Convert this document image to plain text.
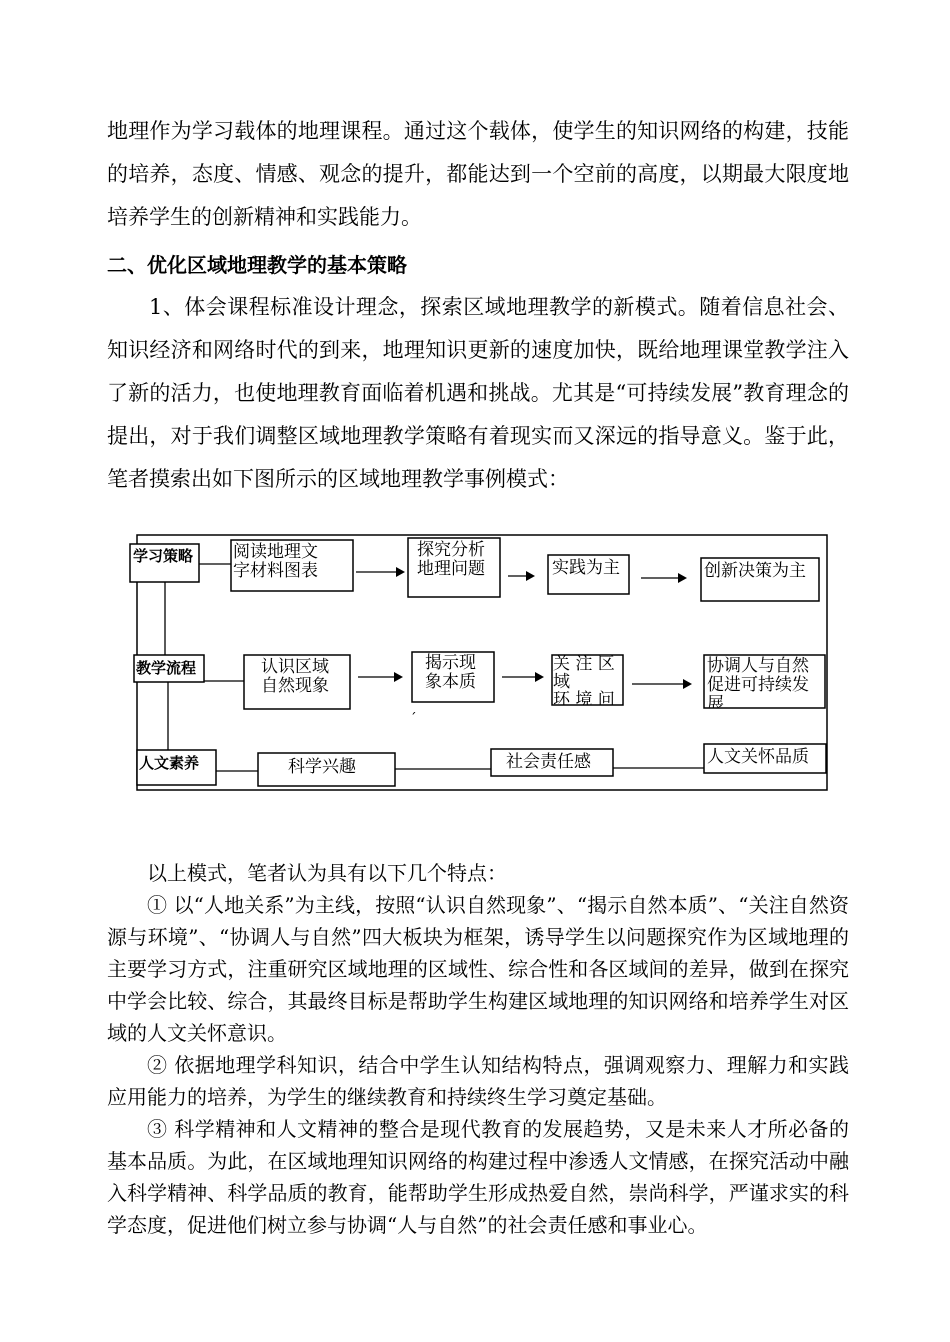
地理作为学习载体的地理课程。通过这个载体，使学生的知识网络的构建，技能的培养，态度、情感、观念的提升，都能达到一个空前的高度，以期最大限度地培养学生的创新精神和实践能力。

二、优化区域地理教学的基本策略

1、体会课程标准设计理念，探索区域地理教学的新模式。随着信息社会、知识经济和网络时代的到来，地理知识更新的速度加快，既给地理课堂教学注入了新的活力，也使地理教育面临着机遇和挑战。尤其是“可持续发展”教育理念的提出，对于我们调整区域地理教学策略有着现实而又深远的指导意义。鉴于此，笔者摸索出如下图所示的区域地理教学事例模式：

学习策略 阅读地理文
字材料图表
探究分析
地理问题	实践为主	创新决策为主
教学流程	认识区域
自然现象
揭示现
象本质
关 注 区
域
环 境 问
协调人与自然
促进可持续发
展
ˊ
人文素养	科学兴趣	社会责任感	人文关怀品质

以上模式，笔者认为具有以下几个特点：

① 以“人地关系”为主线，按照“认识自然现象”、“揭示自然本质”、“关注自然资源与环境”、“协调人与自然”四大板块为框架，诱导学生以问题探究作为区域地理的主要学习方式，注重研究区域地理的区域性、综合性和各区域间的差异，做到在探究中学会比较、综合，其最终目标是帮助学生构建区域地理的知识网络和培养学生对区域的人文关怀意识。

② 依据地理学科知识，结合中学生认知结构特点，强调观察力、理解力和实践应用能力的培养，为学生的继续教育和持续终生学习奠定基础。

③ 科学精神和人文精神的整合是现代教育的发展趋势，又是未来人才所必备的基本品质。为此，在区域地理知识网络的构建过程中渗透人文情感，在探究活动中融入科学精神、科学品质的教育，能帮助学生形成热爱自然，崇尚科学，严谨求实的科学态度，促进他们树立参与协调“人与自然”的社会责任感和事业心。
